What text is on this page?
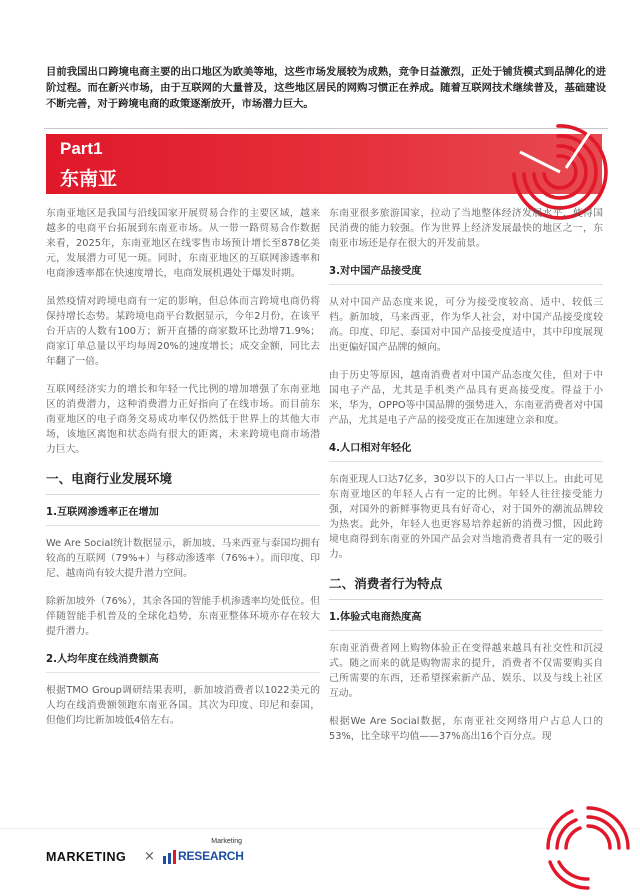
目前我国出口跨境电商主要的出口地区为欧美等地，这些市场发展较为成熟，竞争日益激烈，正处于铺货模式到品牌化的进阶过程。而在新兴市场，由于互联网的大量普及，这些地区居民的网购习惯正在养成。随着互联网技术继续普及，基础建设不断完善，对于跨境电商的政策逐渐放开，市场潜力巨大。
Part1
东南亚

东南亚地区是我国与沿线国家开展贸易合作的主要区域，越来越多的电商平台拓展到东南亚市场。从一带一路贸易合作数据来看，2025年，东南亚地区在线零售市场预计增长至878亿美元，发展潜力可见一斑。同时，东南亚地区的互联网渗透率和电商渗透率都在快速度增长，电商发展机遇处于爆发时期。

虽然疫情对跨境电商有一定的影响，但总体而言跨境电商仍将保持增长态势。某跨境电商平台数据显示，今年2月份，在该平台开店的人数有100万；新开直播的商家数环比劲增71.9%；商家订单总量以平均每周20%的速度增长；成交金额，同比去年翻了一倍。

互联网经济实力的增长和年轻一代比例的增加增强了东南亚地区的消费潜力，这种消费潜力正好指向了在线市场。而目前东南亚地区的电子商务交易成功率仅仍然低于世界上的其他大市场，该地区离饱和状态尚有很大的距离，未来跨境电商市场潜力巨大。

一、电商行业发展环境
1.互联网渗透率正在增加

We Are Social统计数据显示，新加坡、马来西亚与泰国均拥有较高的互联网（79%+）与移动渗透率（76%+）。而印度、印尼、越南尚有较大提升潜力空间。

除新加坡外（76%），其余各国的智能手机渗透率均处低位。但伴随智能手机普及的全球化趋势，东南亚整体环境亦存在较大提升潜力。

2.人均年度在线消费额高

根据TMO Group调研结果表明，新加坡消费者以1022美元的人均在线消费额领跑东南亚各国。其次为印度、印尼和泰国，但他们均比新加坡低4倍左右。

东南亚很多旅游国家，拉动了当地整体经济发展水平，使得国民消费的能力较强。作为世界上经济发展最快的地区之一，东南亚市场还是存在很大的开发前景。

3.对中国产品接受度

从对中国产品态度来说，可分为接受度较高、适中、较低三档。新加坡，马来西亚，作为华人社会，对中国产品接受度较高。印度、印尼、泰国对中国产品接受度适中，其中印度展现出更偏好国产品牌的倾向。

由于历史等原因，越南消费者对中国产品态度欠佳，但对于中国电子产品，尤其是手机类产品具有更高接受度。得益于小米，华为，OPPO等中国品牌的强势进入，东南亚消费者对中国产品，尤其是电子产品的接受度正在加速建立亲和度。

4.人口相对年轻化

东南亚现人口达7亿多，30岁以下的人口占一半以上。由此可见东南亚地区的年轻人占有一定的比例。年轻人往往接受能力强，对国外的新鲜事物更具有好奇心，对于国外的潮流品牌较为热衷。此外，年轻人也更容易培养起新的消费习惯，因此跨境电商得到东南亚的外国产品会对当地消费者具有一定的吸引力。

二、消费者行为特点
1.体验式电商热度高

东南亚消费者网上购物体验正在变得越来越具有社交性和沉浸式。随之而来的就是购物需求的提升，消费者不仅需要购买自己所需要的东西，还希望探索新产品、娱乐、以及与线上社区互动。

根据We Are Social数据，东南亚社交网络用户占总人口的53%，比全球平均值——37%高出16个百分点。现

MARKETING ×
Marketing
RESEARCH
